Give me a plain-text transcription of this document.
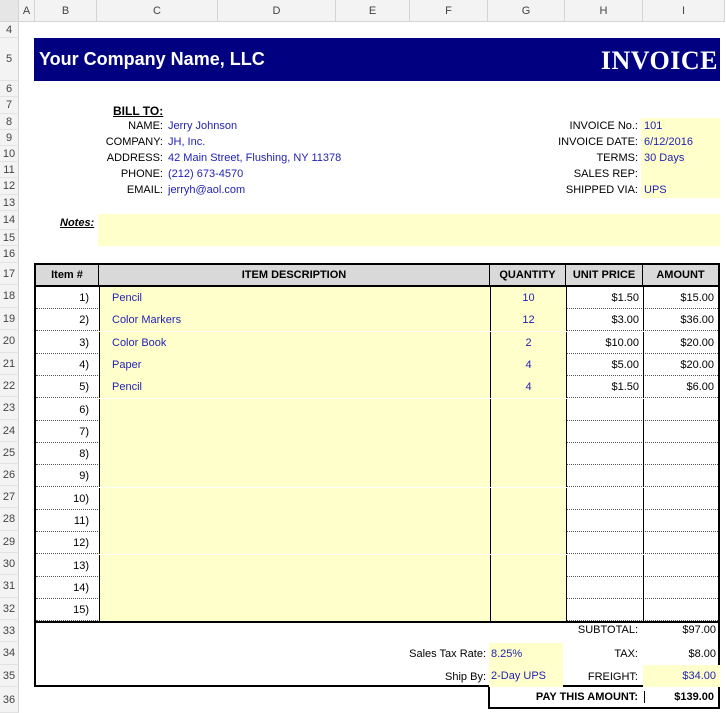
A	B	C	D	E	F	G	H	I
4
5
6
7
8
9
10
11
12
13
14
15
16
17
18
19
20
21
22
23
24
25
26
27
28
29
30
31
32
33
34
35
36
Your Company Name, LLC	INVOICE
BILL TO:
NAME: Jerry Johnson
COMPANY: JH, Inc.
ADDRESS: 42 Main Street, Flushing, NY 11378
PHONE: (212) 673-4570
EMAIL: jerryh@aol.com
INVOICE No.: 101
INVOICE DATE: 6/12/2016
TERMS: 30 Days
SALES REP:
SHIPPED VIA: UPS
Notes:
Item #	ITEM DESCRIPTION	QUANTITY	UNIT PRICE	AMOUNT
1)	Pencil	10	$1.50	$15.00
2)	Color Markers	12	$3.00	$36.00
3)	Color Book	2	$10.00	$20.00
4)	Paper	4	$5.00	$20.00
5)	Pencil	4	$1.50	$6.00
6)
7)
8)
9)
10)
11)
12)
13)
14)
15)
SUBTOTAL:	$97.00
Sales Tax Rate: 8.25%	TAX:	$8.00
Ship By: 2-Day UPS	FREIGHT:	$34.00
PAY THIS AMOUNT:	$139.00
